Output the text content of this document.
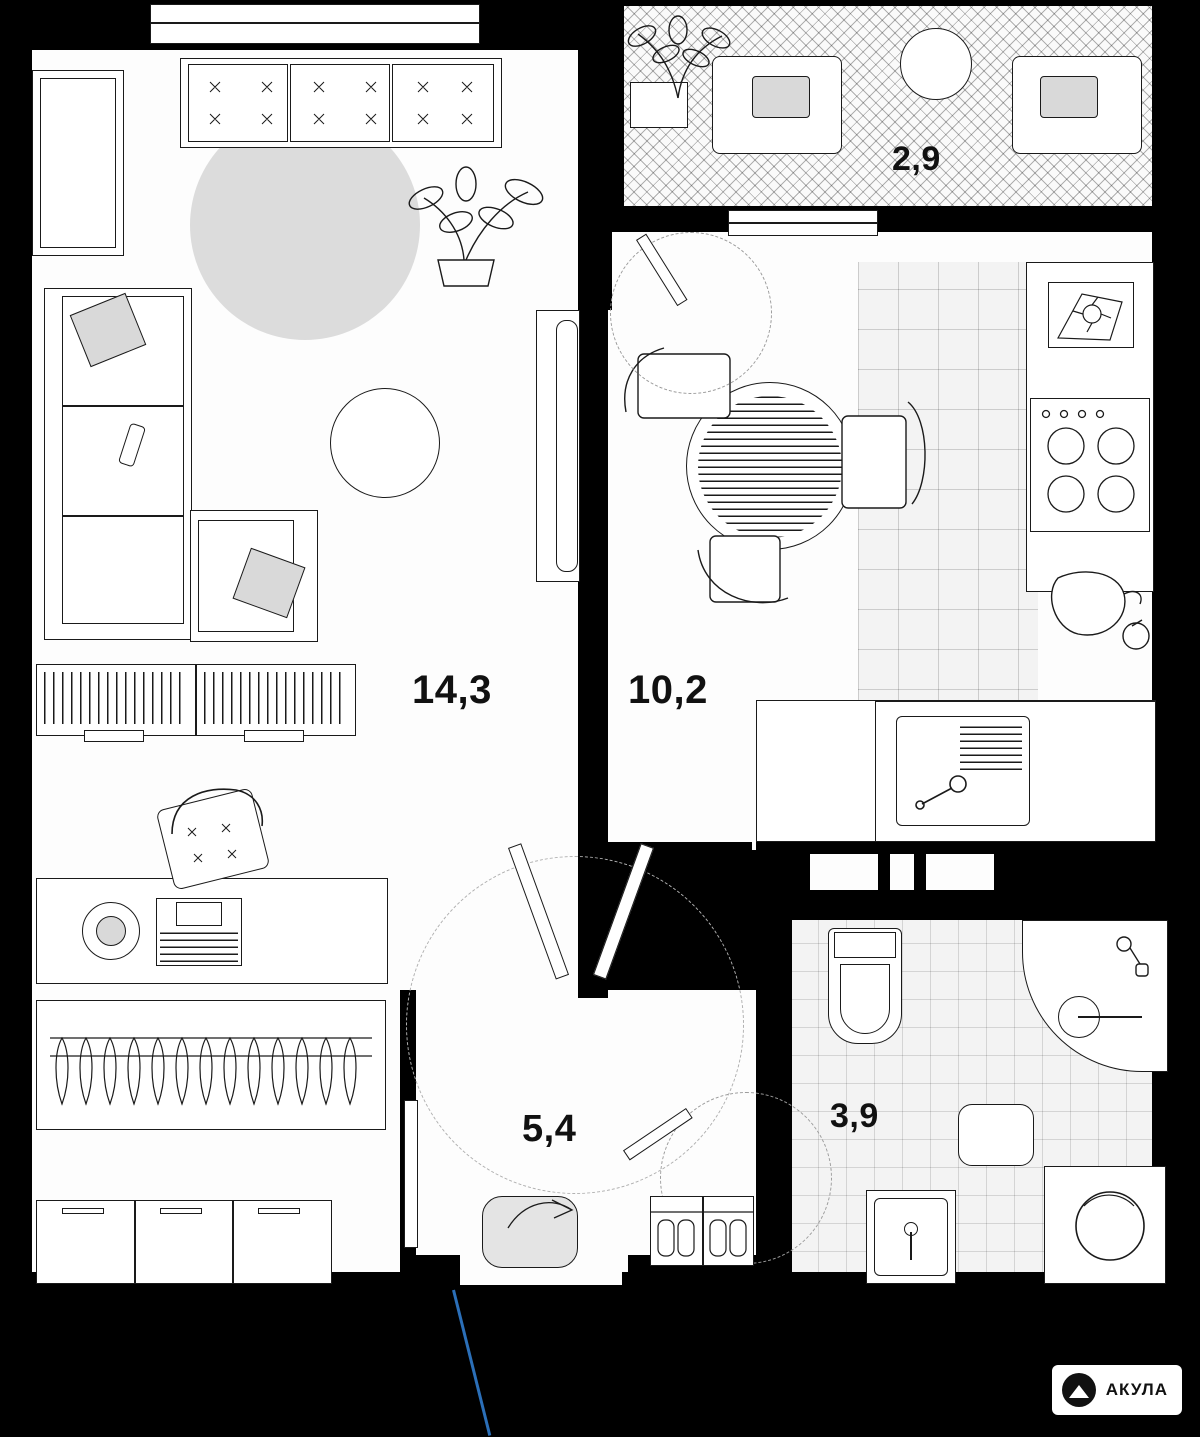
2,9
14,3	10,2
3,9
5,4
АКУЛА
